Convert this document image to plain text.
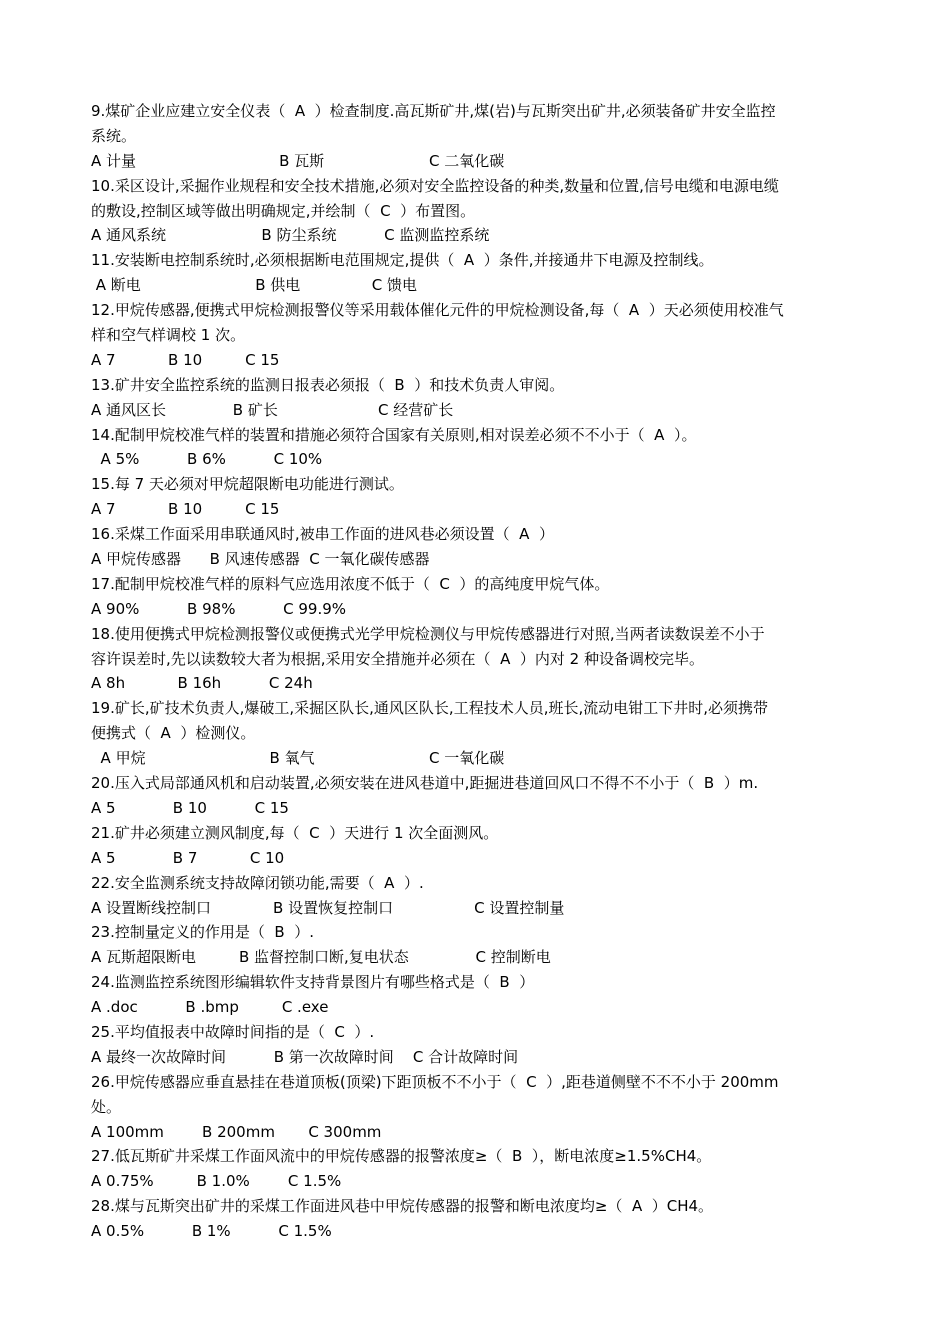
9.煤矿企业应建立安全仪表（  A  ）检查制度.高瓦斯矿井,煤(岩)与瓦斯突出矿井,必须装备矿井安全监控
系统。
A 计量                              B 瓦斯                      C 二氧化碳
10.采区设计,采掘作业规程和安全技术措施,必须对安全监控设备的种类,数量和位置,信号电缆和电源电缆
的敷设,控制区域等做出明确规定,并绘制（  C  ）布置图。
A 通风系统                    B 防尘系统          C 监测监控系统
11.安装断电控制系统时,必须根据断电范围规定,提供（  A  ）条件,并接通井下电源及控制线。
A 断电                        B 供电               C 馈电
12.甲烷传感器,便携式甲烷检测报警仪等采用载体催化元件的甲烷检测设备,每（  A  ）天必须使用校准气
样和空气样调校 1 次。
A 7           B 10         C 15
13.矿井安全监控系统的监测日报表必须报（  B  ）和技术负责人审阅。
A 通风区长              B 矿长                     C 经营矿长
14.配制甲烷校准气样的装置和措施必须符合国家有关原则,相对误差必须不不小于（  A  ）。
A 5%          B 6%          C 10%
15.每 7 天必须对甲烷超限断电功能进行测试。
A 7           B 10         C 15
16.采煤工作面采用串联通风时,被串工作面的进风巷必须设置（  A  ）
A 甲烷传感器      B 风速传感器  C 一氧化碳传感器
17.配制甲烷校准气样的原料气应选用浓度不低于（  C  ）的高纯度甲烷气体。
A 90%          B 98%          C 99.9%
18.使用便携式甲烷检测报警仪或便携式光学甲烷检测仪与甲烷传感器进行对照,当两者读数误差不小于
容许误差时,先以读数较大者为根据,采用安全措施并必须在（  A  ）内对 2 种设备调校完毕。
A 8h           B 16h          C 24h
19.矿长,矿技术负责人,爆破工,采掘区队长,通风区队长,工程技术人员,班长,流动电钳工下井时,必须携带
便携式（  A  ）检测仪。
A 甲烷                          B 氧气                        C 一氧化碳
20.压入式局部通风机和启动装置,必须安装在进风巷道中,距掘进巷道回风口不得不不小于（  B  ）m.
A 5            B 10          C 15
21.矿井必须建立测风制度,每（  C  ）天进行 1 次全面测风。
A 5            B 7           C 10
22.安全监测系统支持故障闭锁功能,需要（  A  ）.
A 设置断线控制口             B 设置恢复控制口                 C 设置控制量
23.控制量定义的作用是（  B  ）.
A 瓦斯超限断电         B 监督控制口断,复电状态              C 控制断电
24.监测监控系统图形编辑软件支持背景图片有哪些格式是（  B  ）
A .doc          B .bmp         C .exe
25.平均值报表中故障时间指的是（  C  ）.
A 最终一次故障时间          B 第一次故障时间    C 合计故障时间
26.甲烷传感器应垂直悬挂在巷道顶板(顶梁)下距顶板不不小于（  C  ）,距巷道侧壁不不不小于 200mm
处。
A 100mm        B 200mm       C 300mm
27.低瓦斯矿井采煤工作面风流中的甲烷传感器的报警浓度≥（  B  ），断电浓度≥1.5%CH4。
A 0.75%         B 1.0%        C 1.5%
28.煤与瓦斯突出矿井的采煤工作面进风巷中甲烷传感器的报警和断电浓度均≥（  A  ）CH4。
A 0.5%          B 1%          C 1.5%
